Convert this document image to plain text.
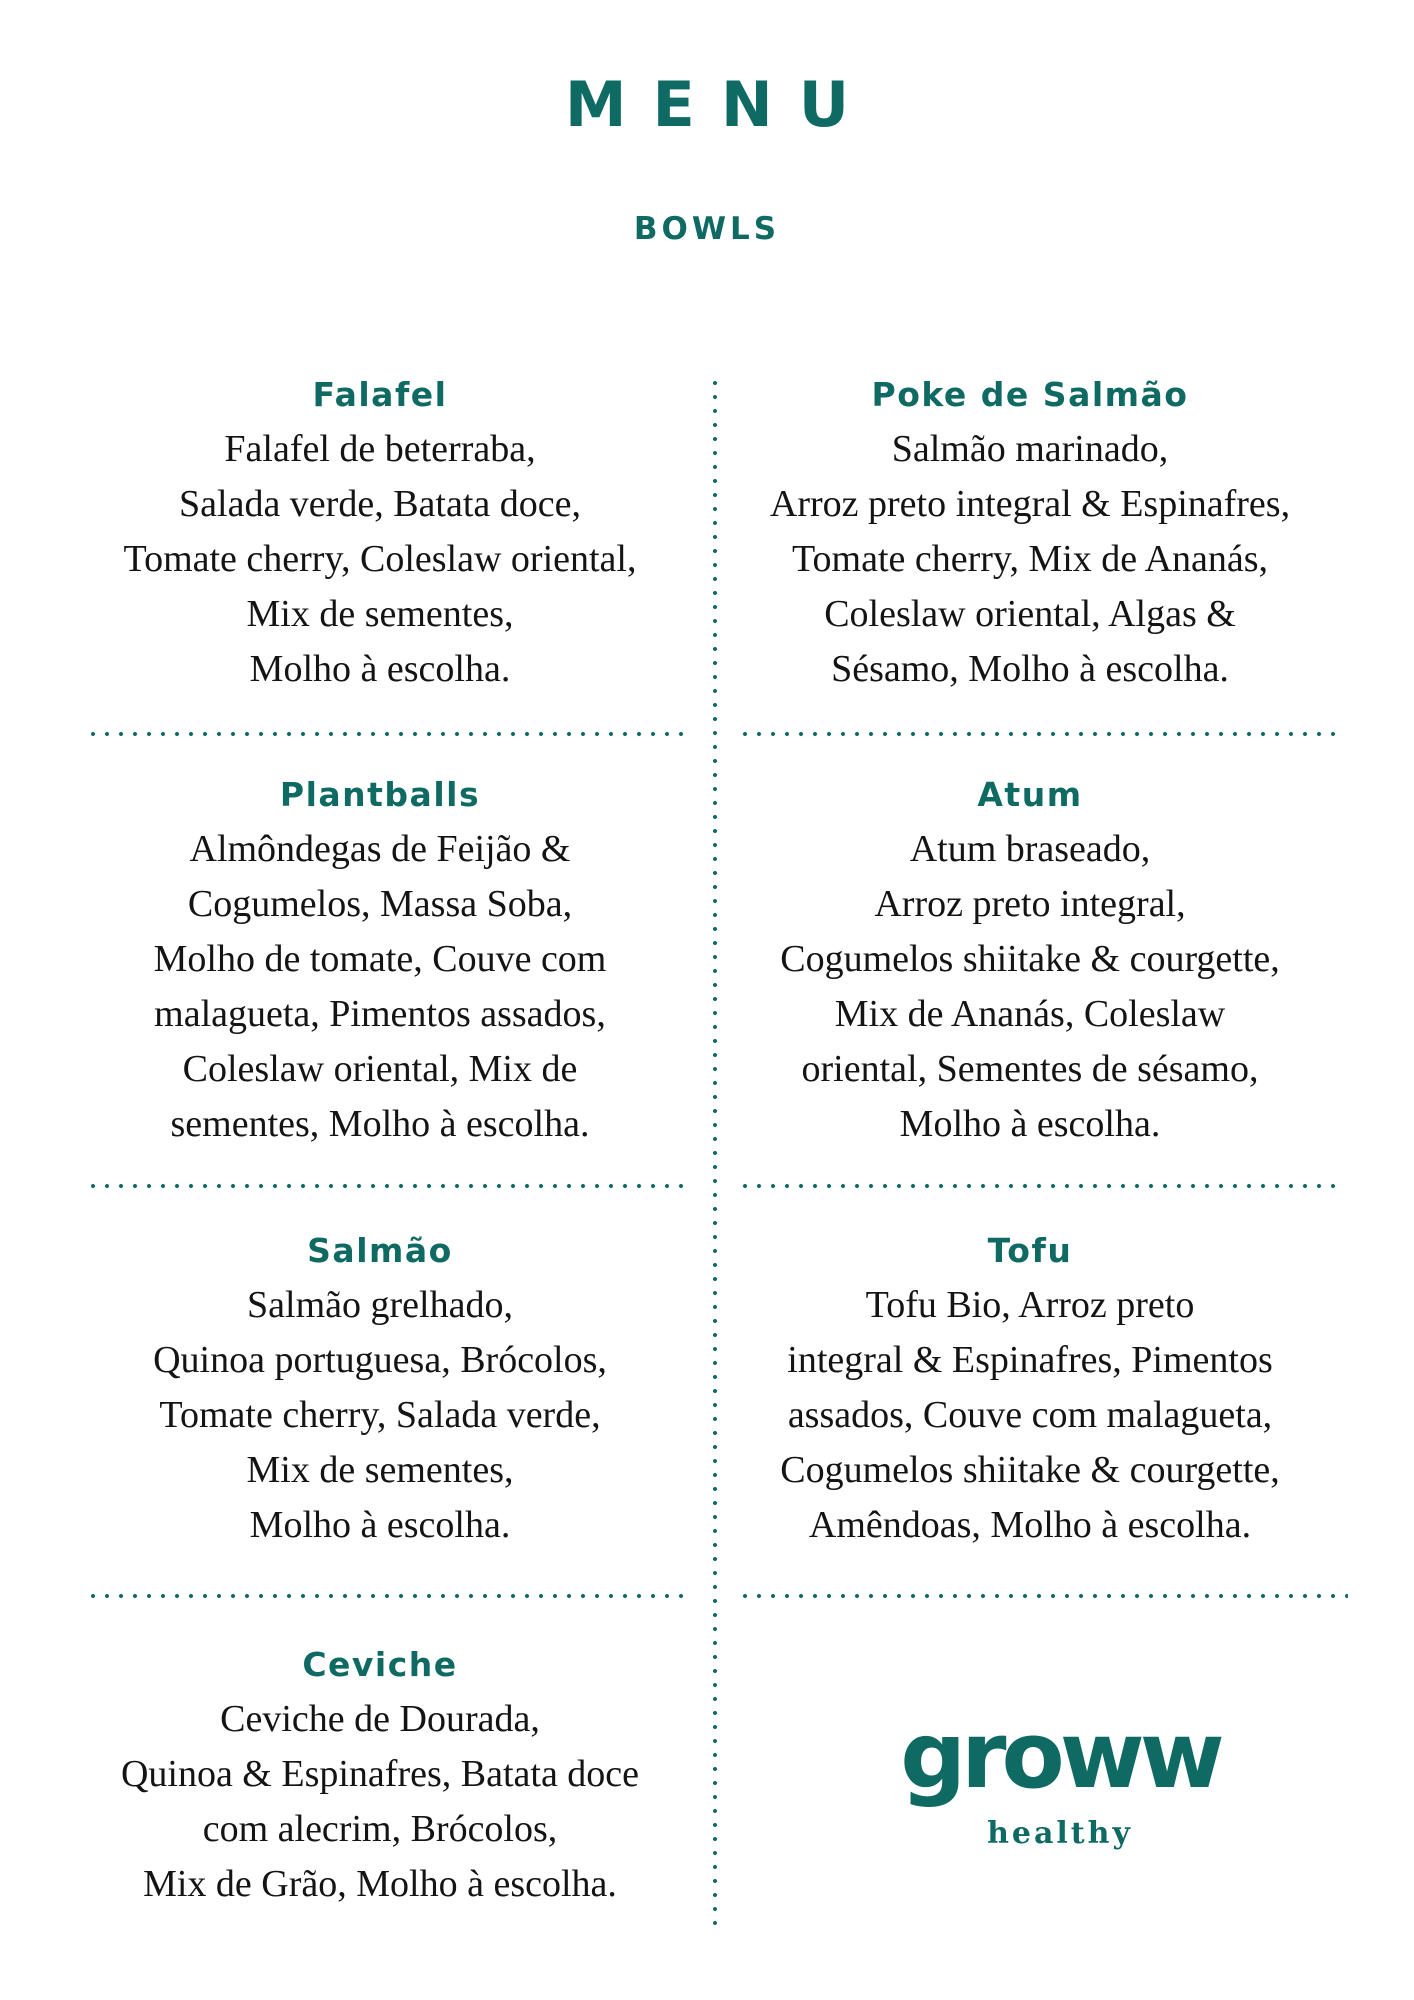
MENU
BOWLS
Falafel
Falafel de beterraba,
Salada verde, Batata doce,
Tomate cherry, Coleslaw oriental,
Mix de sementes,
Molho à escolha.
Poke de Salmão
Salmão marinado,
Arroz preto integral & Espinafres,
Tomate cherry, Mix de Ananás,
Coleslaw oriental, Algas &
Sésamo, Molho à escolha.
Plantballs
Almôndegas de Feijão &
Cogumelos, Massa Soba,
Molho de tomate, Couve com
malagueta, Pimentos assados,
Coleslaw oriental, Mix de
sementes, Molho à escolha.
Atum
Atum braseado,
Arroz preto integral,
Cogumelos shiitake & courgette,
Mix de Ananás, Coleslaw
oriental, Sementes de sésamo,
Molho à escolha.
Salmão
Salmão grelhado,
Quinoa portuguesa, Brócolos,
Tomate cherry, Salada verde,
Mix de sementes,
Molho à escolha.
Tofu
Tofu Bio, Arroz preto
integral & Espinafres, Pimentos
assados, Couve com malagueta,
Cogumelos shiitake & courgette,
Amêndoas, Molho à escolha.
Ceviche
Ceviche de Dourada,
Quinoa & Espinafres, Batata doce
com alecrim, Brócolos,
Mix de Grão, Molho à escolha.
groww
healthy
